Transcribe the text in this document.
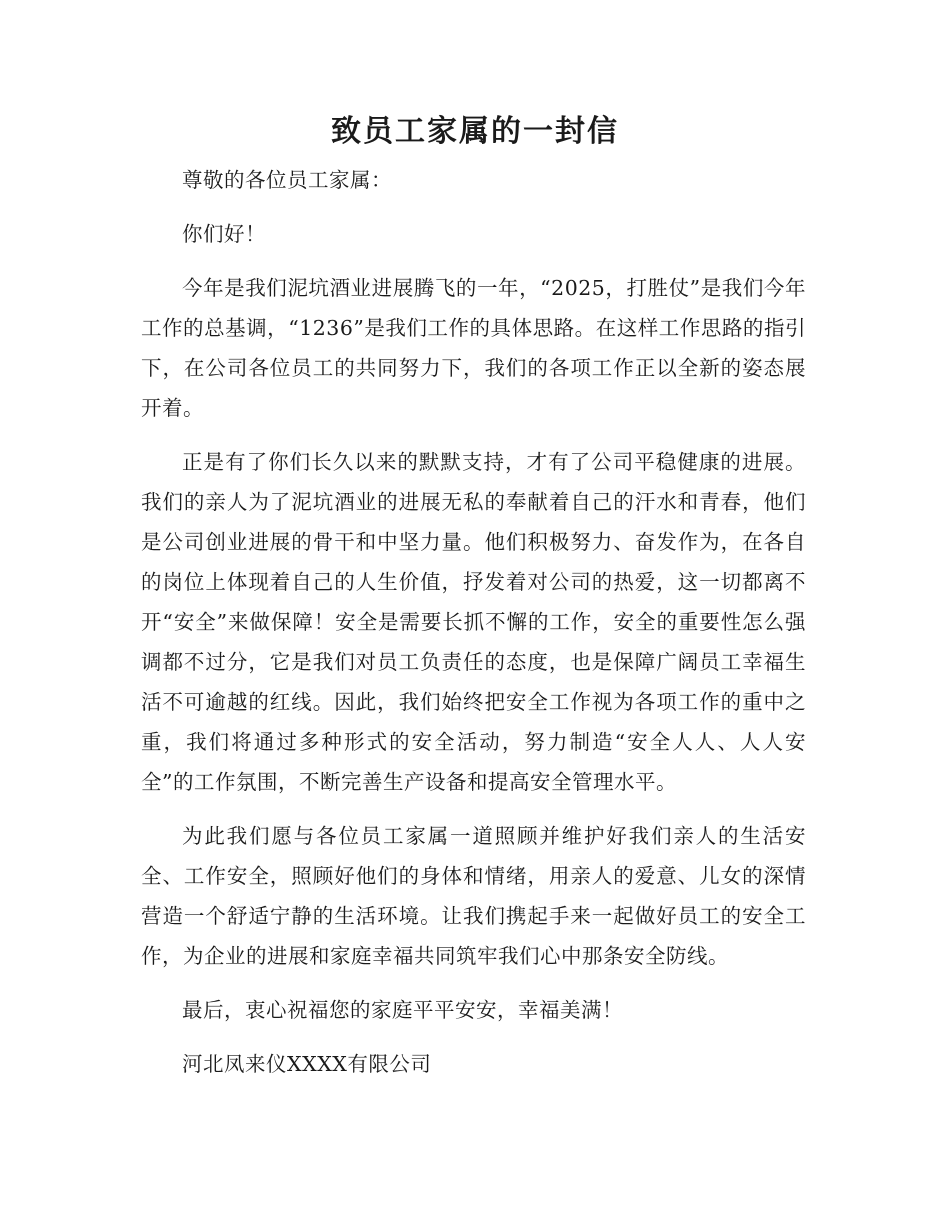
致员工家属的一封信

尊敬的各位员工家属：

你们好！

今年是我们泥坑酒业进展腾飞的一年，“2025，打胜仗”是我们今年工作的总基调，“1236”是我们工作的具体思路。在这样工作思路的指引下，在公司各位员工的共同努力下，我们的各项工作正以全新的姿态展开着。

正是有了你们长久以来的默默支持，才有了公司平稳健康的进展。我们的亲人为了泥坑酒业的进展无私的奉献着自己的汗水和青春，他们是公司创业进展的骨干和中坚力量。他们积极努力、奋发作为，在各自的岗位上体现着自己的人生价值，抒发着对公司的热爱，这一切都离不开“安全”来做保障！安全是需要长抓不懈的工作，安全的重要性怎么强调都不过分，它是我们对员工负责任的态度，也是保障广阔员工幸福生活不可逾越的红线。因此，我们始终把安全工作视为各项工作的重中之重，我们将通过多种形式的安全活动，努力制造“安全人人、人人安全”的工作氛围，不断完善生产设备和提高安全管理水平。

为此我们愿与各位员工家属一道照顾并维护好我们亲人的生活安全、工作安全，照顾好他们的身体和情绪，用亲人的爱意、儿女的深情营造一个舒适宁静的生活环境。让我们携起手来一起做好员工的安全工作，为企业的进展和家庭幸福共同筑牢我们心中那条安全防线。

最后，衷心祝福您的家庭平平安安，幸福美满！

河北凤来仪XXXX有限公司
